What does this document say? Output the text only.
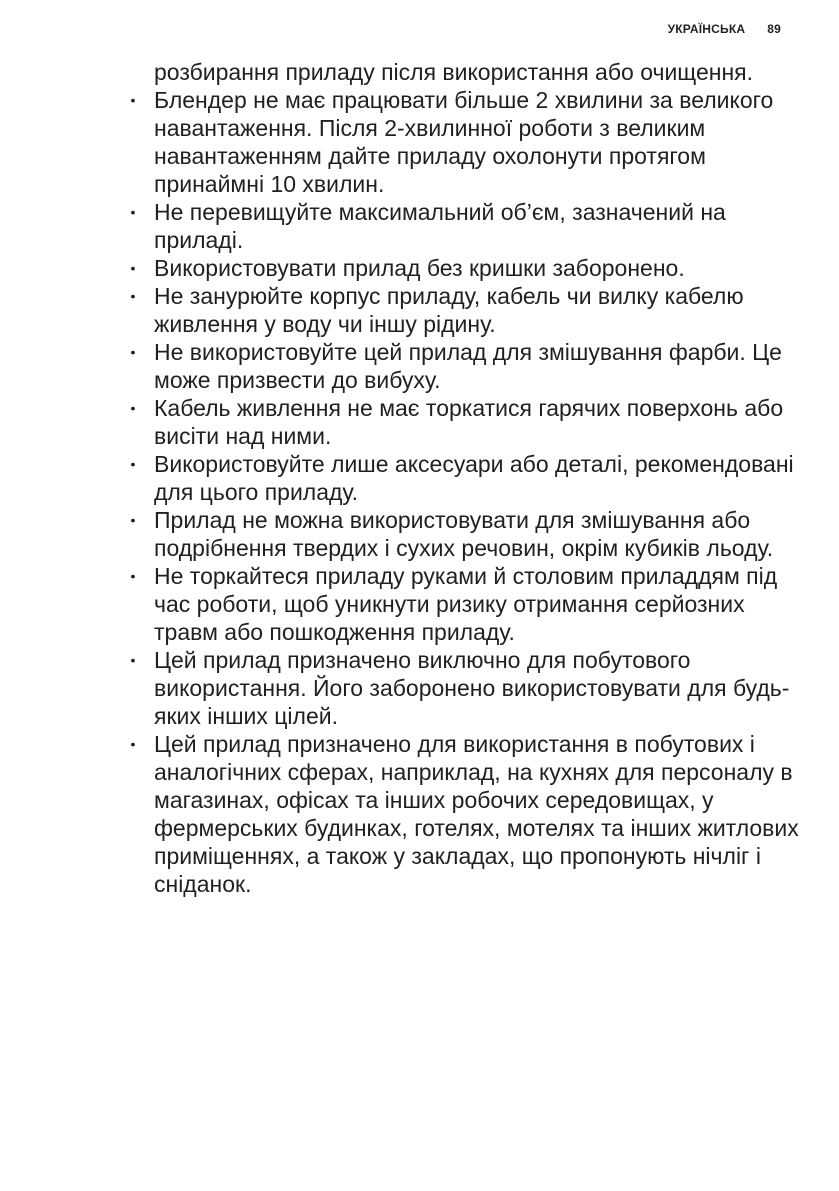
УКРАЇНСЬКА 89

розбирання приладу після використання або очищення.

• Блендер не має працювати більше 2 хвилини за великого навантаження. Після 2-хвилинної роботи з великим навантаженням дайте приладу охолонути протягом принаймні 10 хвилин.
• Не перевищуйте максимальний об’єм, зазначений на приладі.
• Використовувати прилад без кришки заборонено.
• Не занурюйте корпус приладу, кабель чи вилку кабелю живлення у воду чи іншу рідину.
• Не використовуйте цей прилад для змішування фарби. Це може призвести до вибуху.
• Кабель живлення не має торкатися гарячих поверхонь або висіти над ними.
• Використовуйте лише аксесуари або деталі, рекомендовані для цього приладу.
• Прилад не можна використовувати для змішування або подрібнення твердих і сухих речовин, окрім кубиків льоду.
• Не торкайтеся приладу руками й столовим приладдям під час роботи, щоб уникнути ризику отримання серйозних травм або пошкодження приладу.
• Цей прилад призначено виключно для побутового використання. Його заборонено використовувати для будь-яких інших цілей.
• Цей прилад призначено для використання в побутових і аналогічних сферах, наприклад, на кухнях для персоналу в магазинах, офісах та інших робочих середовищах, у фермерських будинках, готелях, мотелях та інших житлових приміщеннях, а також у закладах, що пропонують нічліг і сніданок.
